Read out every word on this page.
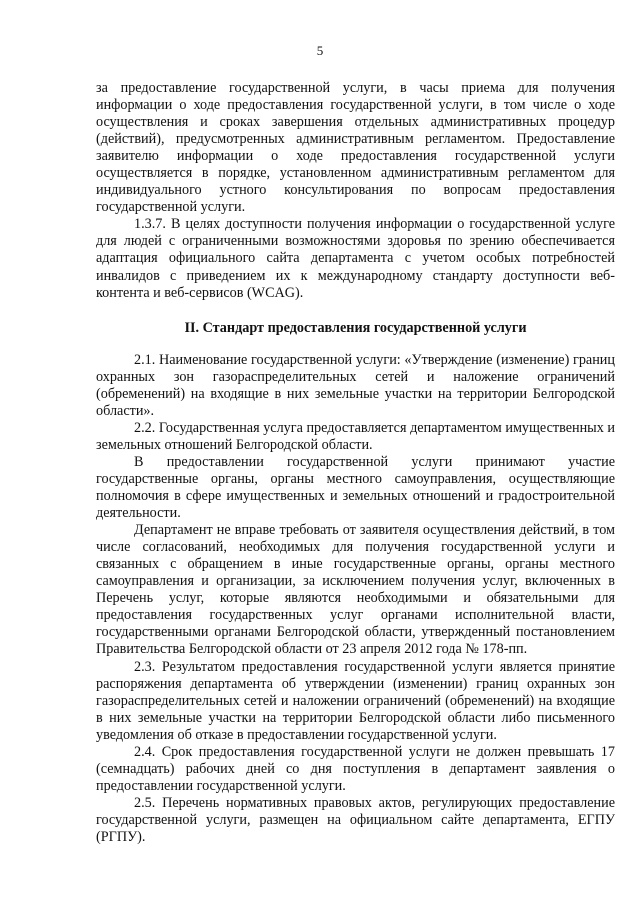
5

за предоставление государственной услуги, в часы приема для получения информации о ходе предоставления государственной услуги, в том числе о ходе осуществления и сроках завершения отдельных административных процедур (действий), предусмотренных административным регламентом. Предоставление заявителю информации о ходе предоставления государственной услуги осуществляется в порядке, установленном административным регламентом для индивидуального устного консультирования по вопросам предоставления государственной услуги.

1.3.7. В целях доступности получения информации о государственной услуге для людей с ограниченными возможностями здоровья по зрению обеспечивается адаптация официального сайта департамента с учетом особых потребностей инвалидов с приведением их к международному стандарту доступности веб-контента и веб-сервисов (WCAG).

II. Стандарт предоставления государственной услуги

2.1. Наименование государственной услуги: «Утверждение (изменение) границ охранных зон газораспределительных сетей и наложение ограничений (обременений) на входящие в них земельные участки на территории Белгородской области».

2.2. Государственная услуга предоставляется департаментом имущественных и земельных отношений Белгородской области.

В предоставлении государственной услуги принимают участие государственные органы, органы местного самоуправления, осуществляющие полномочия в сфере имущественных и земельных отношений и градостроительной деятельности.

Департамент не вправе требовать от заявителя осуществления действий, в том числе согласований, необходимых для получения государственной услуги и связанных с обращением в иные государственные органы, органы местного самоуправления и организации, за исключением получения услуг, включенных в Перечень услуг, которые являются необходимыми и обязательными для предоставления государственных услуг органами исполнительной власти, государственными органами Белгородской области, утвержденный постановлением Правительства Белгородской области от 23 апреля 2012 года № 178-пп.

2.3. Результатом предоставления государственной услуги является принятие распоряжения департамента об утверждении (изменении) границ охранных зон газораспределительных сетей и наложении ограничений (обременений) на входящие в них земельные участки на территории Белгородской области либо письменного уведомления об отказе в предоставлении государственной услуги.

2.4. Срок предоставления государственной услуги не должен превышать 17 (семнадцать) рабочих дней со дня поступления в департамент заявления о предоставлении государственной услуги.

2.5. Перечень нормативных правовых актов, регулирующих предоставление государственной услуги, размещен на официальном сайте департамента, ЕГПУ (РГПУ).
